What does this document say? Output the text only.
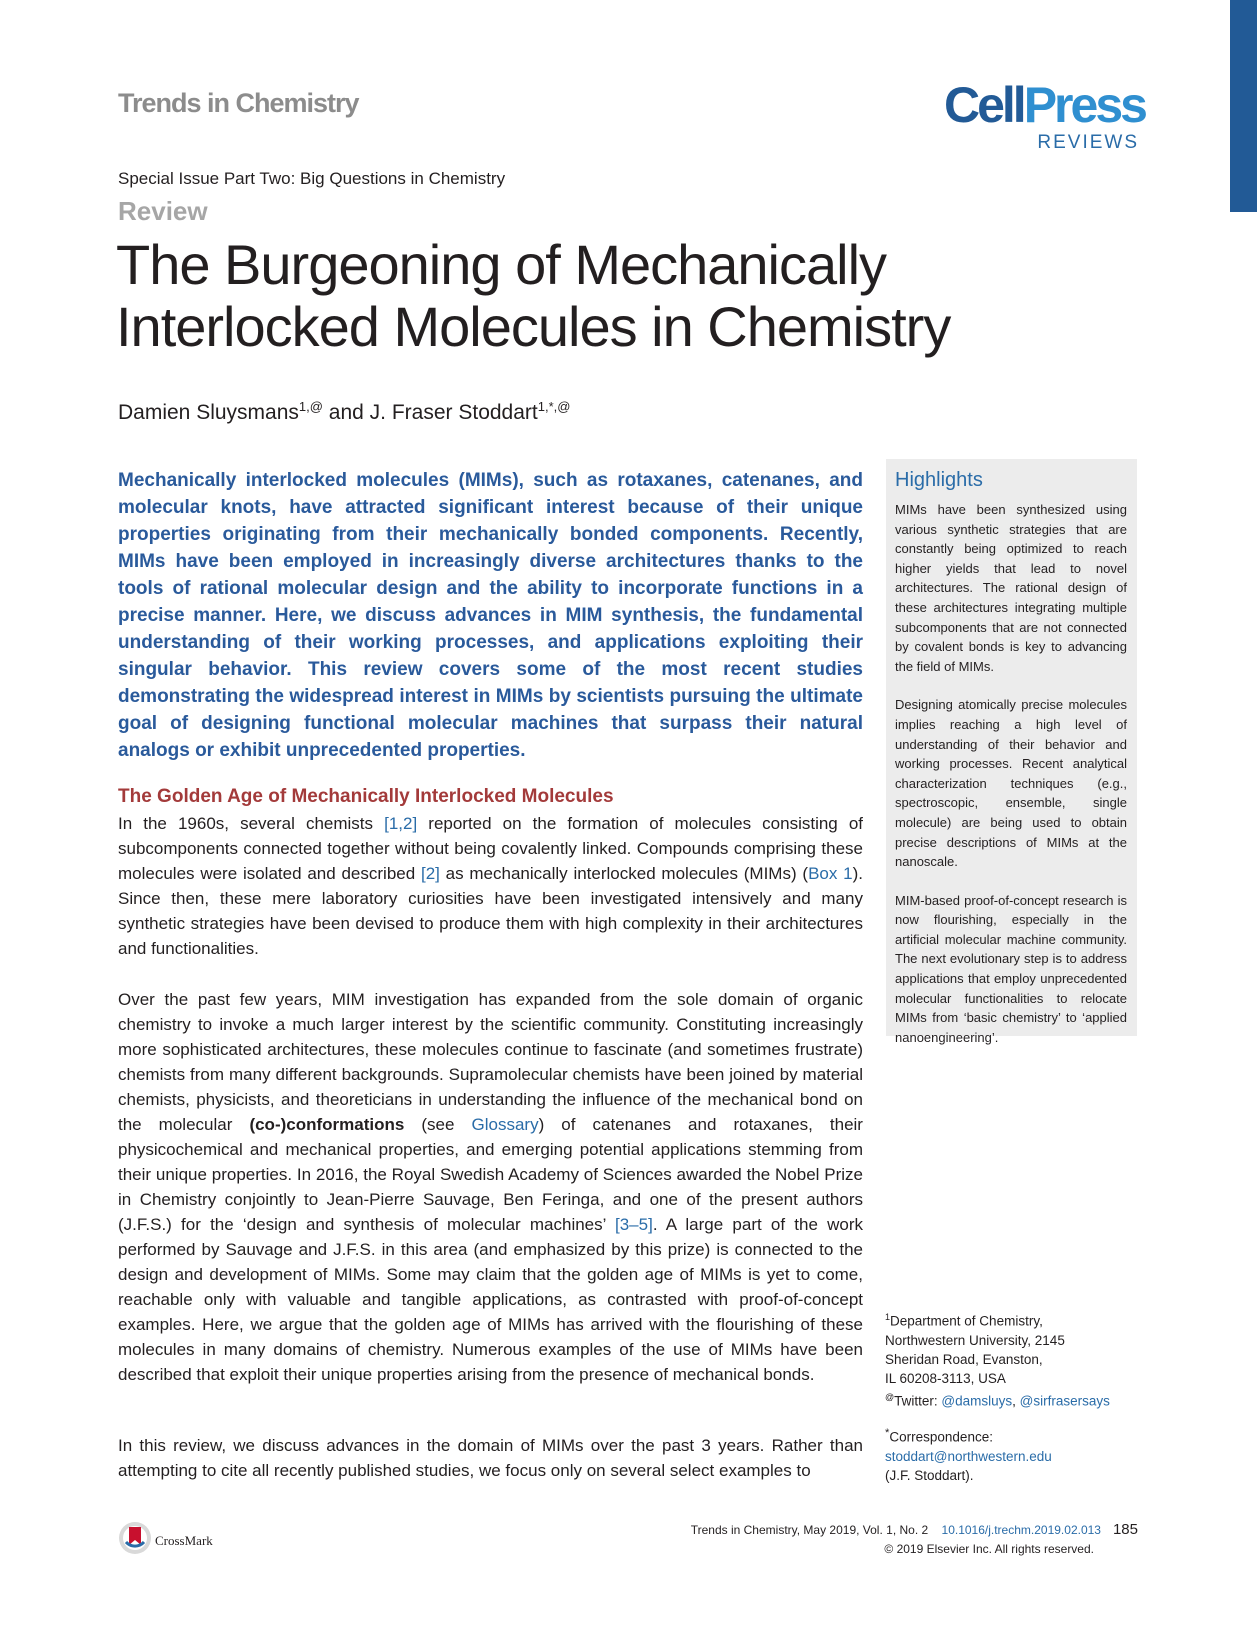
Trends in Chemistry	CellPress
REVIEWS
Special Issue Part Two: Big Questions in Chemistry
Review
The Burgeoning of Mechanically Interlocked Molecules in Chemistry
Damien Sluysmans$^{1,@}$ and J. Fraser Stoddart$^{1,*,@}$

Mechanically interlocked molecules (MIMs), such as rotaxanes, catenanes, and molecular knots, have attracted significant interest because of their unique properties originating from their mechanically bonded components. Recently, MIMs have been employed in increasingly diverse architectures thanks to the tools of rational molecular design and the ability to incorporate functions in a precise manner. Here, we discuss advances in MIM synthesis, the fundamental understanding of their working processes, and applications exploiting their singular behavior. This review covers some of the most recent studies demonstrating the widespread interest in MIMs by scientists pursuing the ultimate goal of designing functional molecular machines that surpass their natural analogs or exhibit unprecedented properties.

The Golden Age of Mechanically Interlocked Molecules

In the 1960s, several chemists [1,2] reported on the formation of molecules consisting of subcomponents connected together without being covalently linked. Compounds comprising these molecules were isolated and described [2] as mechanically interlocked molecules (MIMs) (Box 1). Since then, these mere laboratory curiosities have been investigated intensively and many synthetic strategies have been devised to produce them with high complexity in their architectures and functionalities.

Over the past few years, MIM investigation has expanded from the sole domain of organic chemistry to invoke a much larger interest by the scientific community. Constituting increasingly more sophisticated architectures, these molecules continue to fascinate (and sometimes frustrate) chemists from many different backgrounds. Supramolecular chemists have been joined by material chemists, physicists, and theoreticians in understanding the influence of the mechanical bond on the molecular (co-)conformations (see Glossary) of catenanes and rotaxanes, their physicochemical and mechanical properties, and emerging potential applications stemming from their unique properties. In 2016, the Royal Swedish Academy of Sciences awarded the Nobel Prize in Chemistry conjointly to Jean-Pierre Sauvage, Ben Feringa, and one of the present authors (J.F.S.) for the ‘design and synthesis of molecular machines’ [3–5]. A large part of the work performed by Sauvage and J.F.S. in this area (and emphasized by this prize) is connected to the design and development of MIMs. Some may claim that the golden age of MIMs is yet to come, reachable only with valuable and tangible applications, as contrasted with proof-of-concept examples. Here, we argue that the golden age of MIMs has arrived with the flourishing of these molecules in many domains of chemistry. Numerous examples of the use of MIMs have been described that exploit their unique properties arising from the presence of mechanical bonds.

In this review, we discuss advances in the domain of MIMs over the past 3 years. Rather than attempting to cite all recently published studies, we focus only on several select examples to

Highlights

MIMs have been synthesized using various synthetic strategies that are constantly being optimized to reach higher yields that lead to novel architectures. The rational design of these architectures integrating multiple subcomponents that are not connected by covalent bonds is key to advancing the field of MIMs.

Designing atomically precise molecules implies reaching a high level of understanding of their behavior and working processes. Recent analytical characterization techniques (e.g., spectroscopic, ensemble, single molecule) are being used to obtain precise descriptions of MIMs at the nanoscale.

MIM-based proof-of-concept research is now flourishing, especially in the artificial molecular machine community. The next evolutionary step is to address applications that employ unprecedented molecular functionalities to relocate MIMs from ‘basic chemistry’ to ‘applied nanoengineering’.

$^1$Department of Chemistry,
Northwestern University, 2145
Sheridan Road, Evanston,
IL 60208-3113, USA
@Twitter: @damsluys, @sirfrasersays
*Correspondence:
stoddart@northwestern.edu
(J.F. Stoddart).
CrossMark
Trends in Chemistry, May 2019, Vol. 1, No. 2 10.1016/j.trechm.2019.02.013 185
© 2019 Elsevier Inc. All rights reserved.
